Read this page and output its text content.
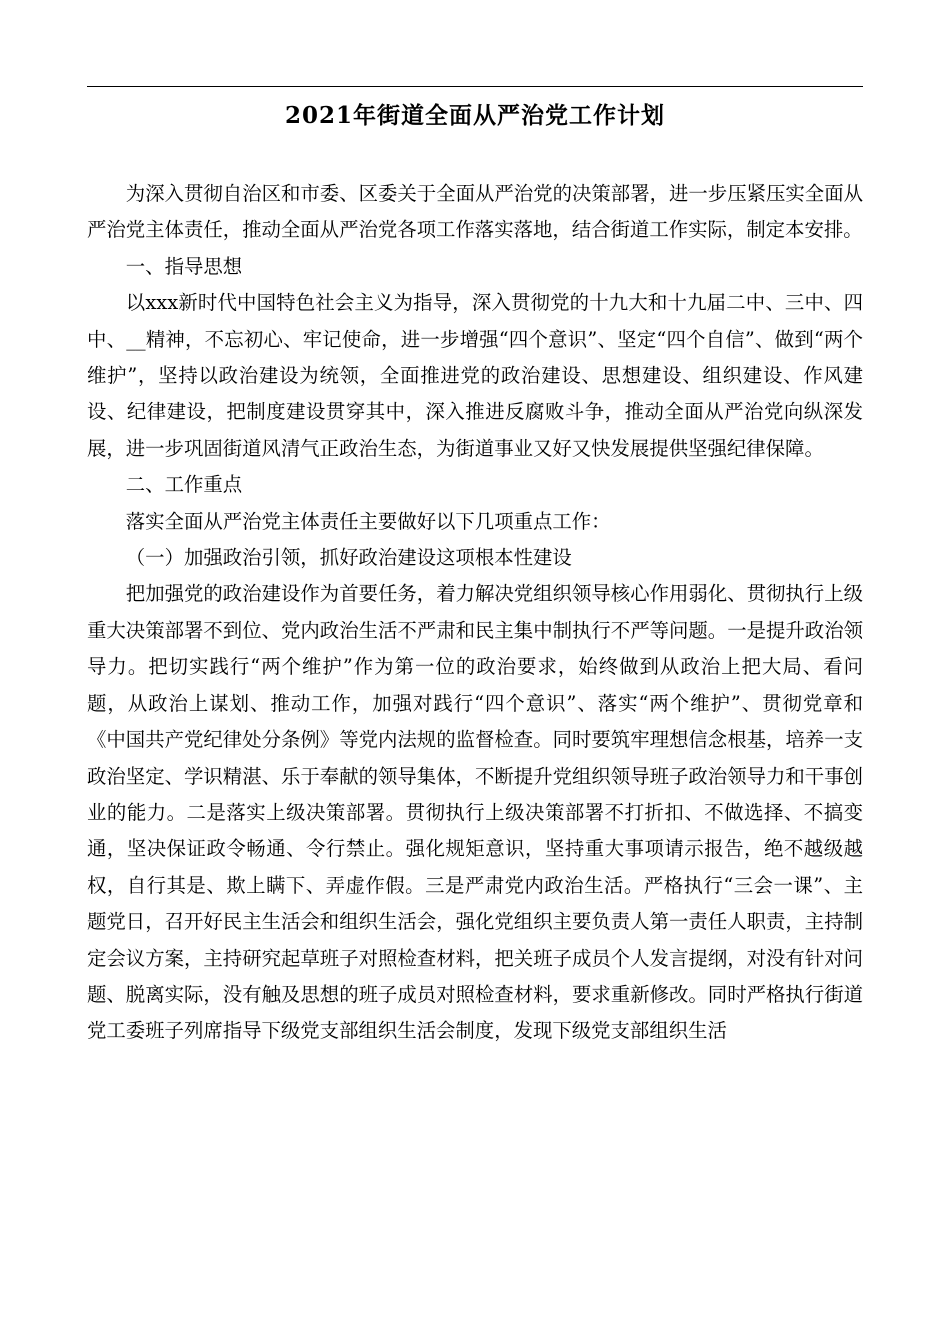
2021年街道全面从严治党工作计划

为深入贯彻自治区和市委、区委关于全面从严治党的决策部署，进一步压紧压实全面从严治党主体责任，推动全面从严治党各项工作落实落地，结合街道工作实际，制定本安排。

一、指导思想

以xxx新时代中国特色社会主义为指导，深入贯彻党的十九大和十九届二中、三中、四中、__精神，不忘初心、牢记使命，进一步增强“四个意识”、坚定“四个自信”、做到“两个维护”，坚持以政治建设为统领，全面推进党的政治建设、思想建设、组织建设、作风建设、纪律建设，把制度建设贯穿其中，深入推进反腐败斗争，推动全面从严治党向纵深发展，进一步巩固街道风清气正政治生态，为街道事业又好又快发展提供坚强纪律保障。

二、工作重点

落实全面从严治党主体责任主要做好以下几项重点工作：

（一）加强政治引领，抓好政治建设这项根本性建设

把加强党的政治建设作为首要任务，着力解决党组织领导核心作用弱化、贯彻执行上级重大决策部署不到位、党内政治生活不严肃和民主集中制执行不严等问题。一是提升政治领导力。把切实践行“两个维护”作为第一位的政治要求，始终做到从政治上把大局、看问题，从政治上谋划、推动工作，加强对践行“四个意识”、落实“两个维护”、贯彻党章和《中国共产党纪律处分条例》等党内法规的监督检查。同时要筑牢理想信念根基，培养一支政治坚定、学识精湛、乐于奉献的领导集体，不断提升党组织领导班子政治领导力和干事创业的能力。二是落实上级决策部署。贯彻执行上级决策部署不打折扣、不做选择、不搞变通，坚决保证政令畅通、令行禁止。强化规矩意识，坚持重大事项请示报告，绝不越级越权，自行其是、欺上瞒下、弄虚作假。三是严肃党内政治生活。严格执行“三会一课”、主题党日，召开好民主生活会和组织生活会，强化党组织主要负责人第一责任人职责，主持制定会议方案，主持研究起草班子对照检查材料，把关班子成员个人发言提纲，对没有针对问题、脱离实际，没有触及思想的班子成员对照检查材料，要求重新修改。同时严格执行街道党工委班子列席指导下级党支部组织生活会制度，发现下级党支部组织生活
